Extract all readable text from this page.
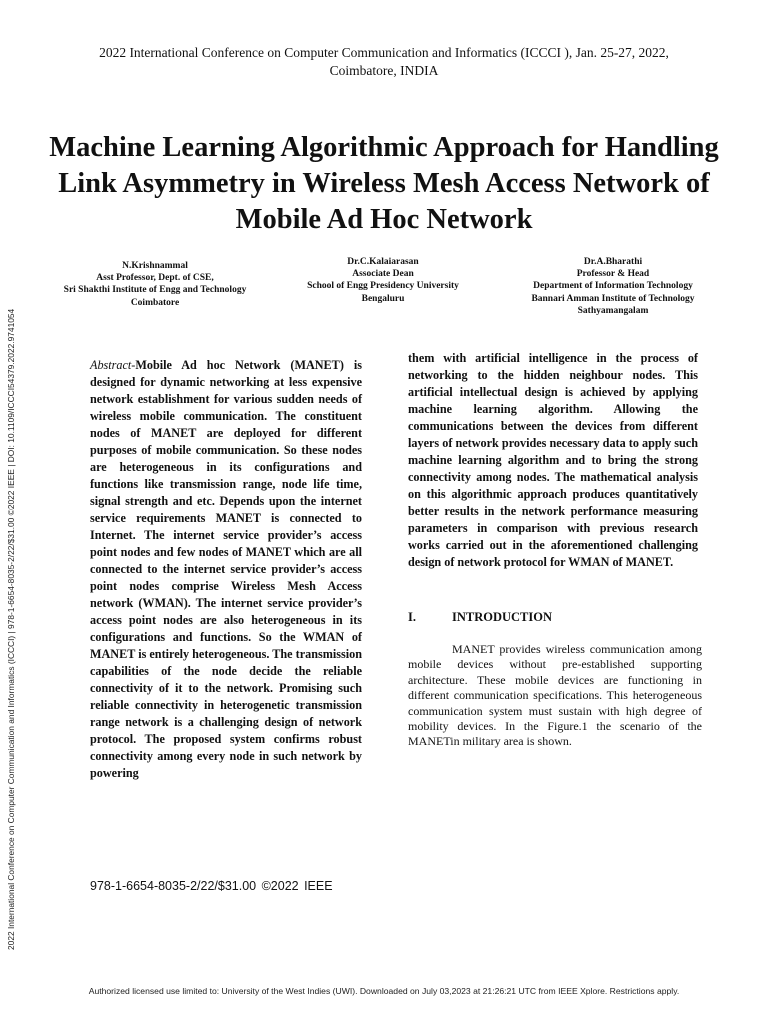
2022 International Conference on Computer Communication and Informatics (ICCCI ), Jan. 25-27, 2022,
Coimbatore, INDIA
Machine Learning Algorithmic Approach for Handling Link Asymmetry in Wireless Mesh Access Network of Mobile Ad Hoc Network
N.Krishnammal
Asst Professor, Dept. of CSE,
Sri Shakthi Institute of Engg and Technology
Coimbatore
Dr.C.Kalaiarasan
Associate Dean
School of Engg Presidency University
Bengaluru
Dr.A.Bharathi
Professor & Head
Department of Information Technology
Bannari Amman Institute of Technology
Sathyamangalam
2022 International Conference on Computer Communication and Informatics (ICCCI) | 978-1-6654-8035-2/22/$31.00 ©2022 IEEE | DOI: 10.1109/ICCCI54379.2022.9741054	Abstract-Mobile Ad hoc Network (MANET) is designed for dynamic networking at less expensive network establishment for various sudden needs of wireless mobile communication. The constituent nodes of MANET are deployed for different purposes of mobile communication. So these nodes are heterogeneous in its configurations and functions like transmission range, node life time, signal strength and etc. Depends upon the internet service requirements MANET is connected to Internet. The internet service provider’s access point nodes and few nodes of MANET which are all connected to the internet service provider’s access point nodes comprise Wireless Mesh Access network (WMAN). The internet service provider’s access point nodes are also heterogeneous in its configurations and functions. So the WMAN of MANET is entirely heterogeneous. The transmission capabilities of the node decide the reliable connectivity of it to the network. Promising such reliable connectivity in heterogenetic transmission range network is a challenging design of network protocol. The proposed system confirms robust connectivity among every node in such network by powering
them with artificial intelligence in the process of networking to the hidden neighbour nodes. This artificial intellectual design is achieved by applying machine learning algorithm. Allowing the communications between the devices from different layers of network provides necessary data to apply such machine learning algorithm and to bring the strong connectivity among nodes. The mathematical analysis on this algorithmic approach produces quantitatively better results in the network performance measuring parameters in comparison with previous research works carried out in the aforementioned challenging design of network protocol for WMAN of MANET.
I.	INTRODUCTION
MANET provides wireless communication among mobile devices without pre-established supporting architecture. These mobile devices are functioning in different communication specifications. This heterogeneous communication system must sustain with high degree of mobility devices. In the Figure.1 the scenario of the MANETin military area is shown.
978-1-6654-8035-2/22/$31.00 ©2022 IEEE
Authorized licensed use limited to: University of the West Indies (UWI). Downloaded on July 03,2023 at 21:26:21 UTC from IEEE Xplore. Restrictions apply.
